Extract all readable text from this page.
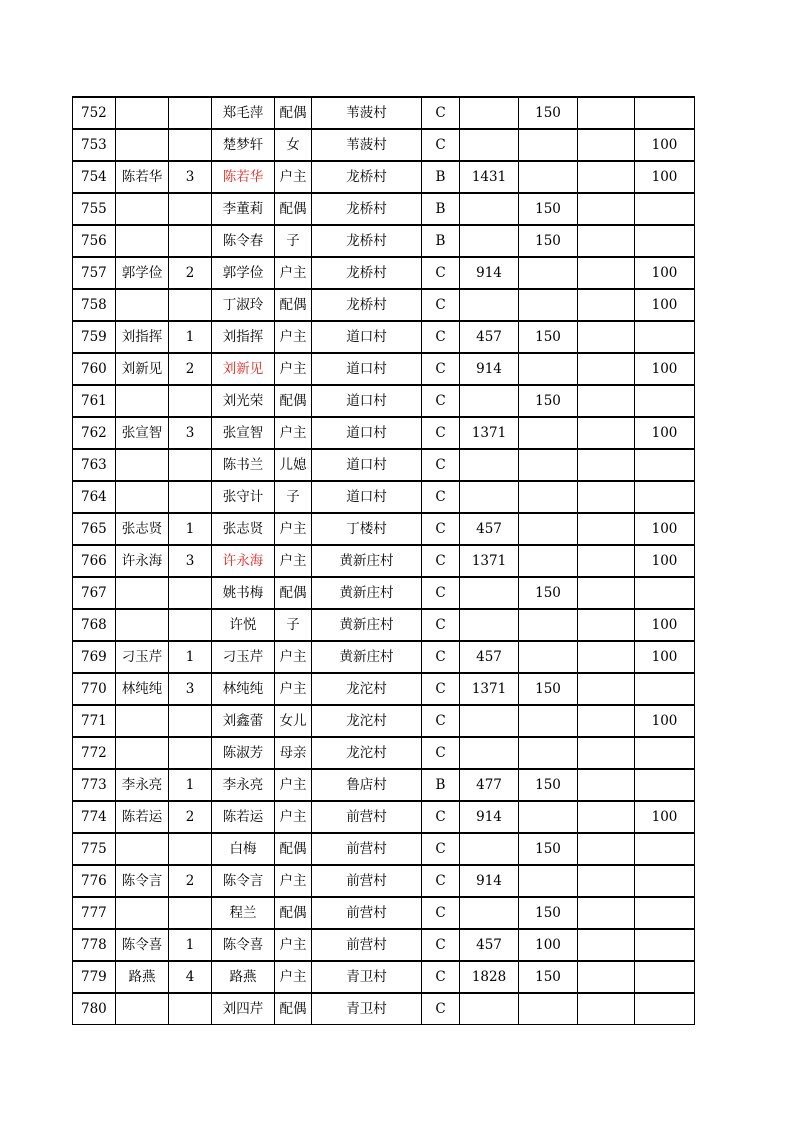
752			郑毛萍	配偶	苇菠村	C		150		
753			楚梦轩	女	苇菠村	C				100
754	陈若华	3	陈若华	户主	龙桥村	B	1431			100
755			李董莉	配偶	龙桥村	B		150		
756			陈令春	子	龙桥村	B		150		
757	郭学俭	2	郭学俭	户主	龙桥村	C	914			100
758			丁淑玲	配偶	龙桥村	C				100
759	刘指挥	1	刘指挥	户主	道口村	C	457	150		
760	刘新见	2	刘新见	户主	道口村	C	914			100
761			刘光荣	配偶	道口村	C		150		
762	张宣智	3	张宣智	户主	道口村	C	1371			100
763			陈书兰	儿媳	道口村	C				
764			张守计	子	道口村	C				
765	张志贤	1	张志贤	户主	丁楼村	C	457			100
766	许永海	3	许永海	户主	黄新庄村	C	1371			100
767			姚书梅	配偶	黄新庄村	C		150		
768			许悦	子	黄新庄村	C				100
769	刁玉芹	1	刁玉芹	户主	黄新庄村	C	457			100
770	林纯纯	3	林纯纯	户主	龙沱村	C	1371	150		
771			刘鑫蕾	女儿	龙沱村	C				100
772			陈淑芳	母亲	龙沱村	C				
773	李永亮	1	李永亮	户主	鲁店村	B	477	150		
774	陈若运	2	陈若运	户主	前营村	C	914			100
775			白梅	配偶	前营村	C		150		
776	陈令言	2	陈令言	户主	前营村	C	914			
777			程兰	配偶	前营村	C		150		
778	陈令喜	1	陈令喜	户主	前营村	C	457	100		
779	路燕	4	路燕	户主	青卫村	C	1828	150		
780			刘四芹	配偶	青卫村	C				
